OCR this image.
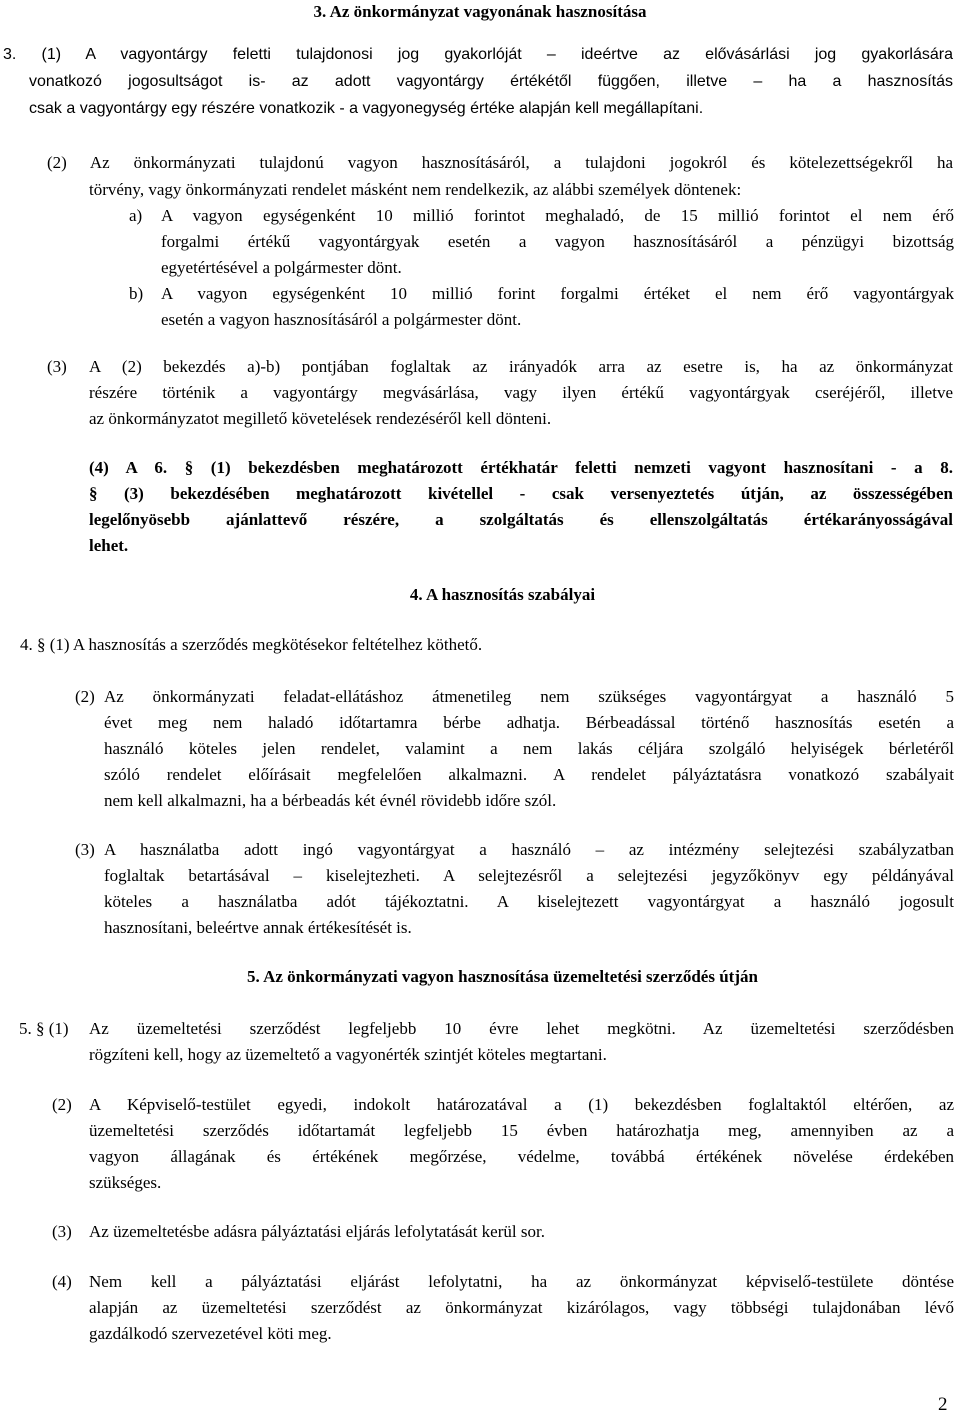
3. Az önkormányzat vagyonának hasznosítása

3. (1) A vagyontárgy feletti tulajdonosi jog gyakorlóját – ideértve az elővásárlási jog gyakorlására

vonatkozó jogosultságot is- az adott vagyontárgy értékétől függően, illetve – ha a hasznosítás

csak a vagyontárgy egy részére vonatkozik - a vagyonegység értéke alapján kell megállapítani.

(2) Az önkormányzati tulajdonú vagyon hasznosításáról, a tulajdoni jogokról és kötelezettségekről ha

törvény, vagy önkormányzati rendelet másként nem rendelkezik, az alábbi személyek döntenek:

a) A vagyon egységenként 10 millió forintot meghaladó, de 15 millió forintot el nem érő

forgalmi értékű vagyontárgyak esetén a vagyon hasznosításáról a pénzügyi bizottság

egyetértésével a polgármester dönt.

b) A vagyon egységenként 10 millió forint forgalmi értéket el nem érő vagyontárgyak

esetén a vagyon hasznosításáról a polgármester dönt.

(3) A (2) bekezdés a)-b) pontjában foglaltak az irányadók arra az esetre is, ha az önkormányzat

részére történik a vagyontárgy megvásárlása, vagy ilyen értékű vagyontárgyak cseréjéről, illetve

az önkormányzatot megillető követelések rendezéséről kell dönteni.

(4) A 6. § (1) bekezdésben meghatározott értékhatár feletti nemzeti vagyont hasznosítani - a 8.

§ (3) bekezdésében meghatározott kivétellel - csak versenyeztetés útján, az összességében

legelőnyösebb ajánlattevő részére, a szolgáltatás és ellenszolgáltatás értékarányosságával

lehet.

4. A hasznosítás szabályai

4. § (1) A hasznosítás a szerződés megkötésekor feltételhez köthető.

(2) Az önkormányzati feladat-ellátáshoz átmenetileg nem szükséges vagyontárgyat a használó 5

évet meg nem haladó időtartamra bérbe adhatja. Bérbeadással történő hasznosítás esetén a

használó köteles jelen rendelet, valamint a nem lakás céljára szolgáló helyiségek bérletéről

szóló rendelet előírásait megfelelően alkalmazni. A rendelet pályáztatásra vonatkozó szabályait

nem kell alkalmazni, ha a bérbeadás két évnél rövidebb időre szól.

(3) A használatba adott ingó vagyontárgyat a használó – az intézmény selejtezési szabályzatban

foglaltak betartásával – kiselejtezheti. A selejtezésről a selejtezési jegyzőkönyv egy példányával

köteles a használatba adót tájékoztatni. A kiselejtezett vagyontárgyat a használó jogosult

hasznosítani, beleértve annak értékesítését is.

5. Az önkormányzati vagyon hasznosítása üzemeltetési szerződés útján

5. § (1) Az üzemeltetési szerződést legfeljebb 10 évre lehet megkötni. Az üzemeltetési szerződésben

rögzíteni kell, hogy az üzemeltető a vagyonérték szintjét köteles megtartani.

(2) A Képviselő-testület egyedi, indokolt határozatával a (1) bekezdésben foglaltaktól eltérően, az

üzemeltetési szerződés időtartamát legfeljebb 15 évben határozhatja meg, amennyiben az a

vagyon állagának és értékének megőrzése, védelme, továbbá értékének növelése érdekében

szükséges.

(3) Az üzemeltetésbe adásra pályáztatási eljárás lefolytatását kerül sor.

(4) Nem kell a pályáztatási eljárást lefolytatni, ha az önkormányzat képviselő-testülete döntése

alapján az üzemeltetési szerződést az önkormányzat kizárólagos, vagy többségi tulajdonában lévő

gazdálkodó szervezetével köti meg.

2
